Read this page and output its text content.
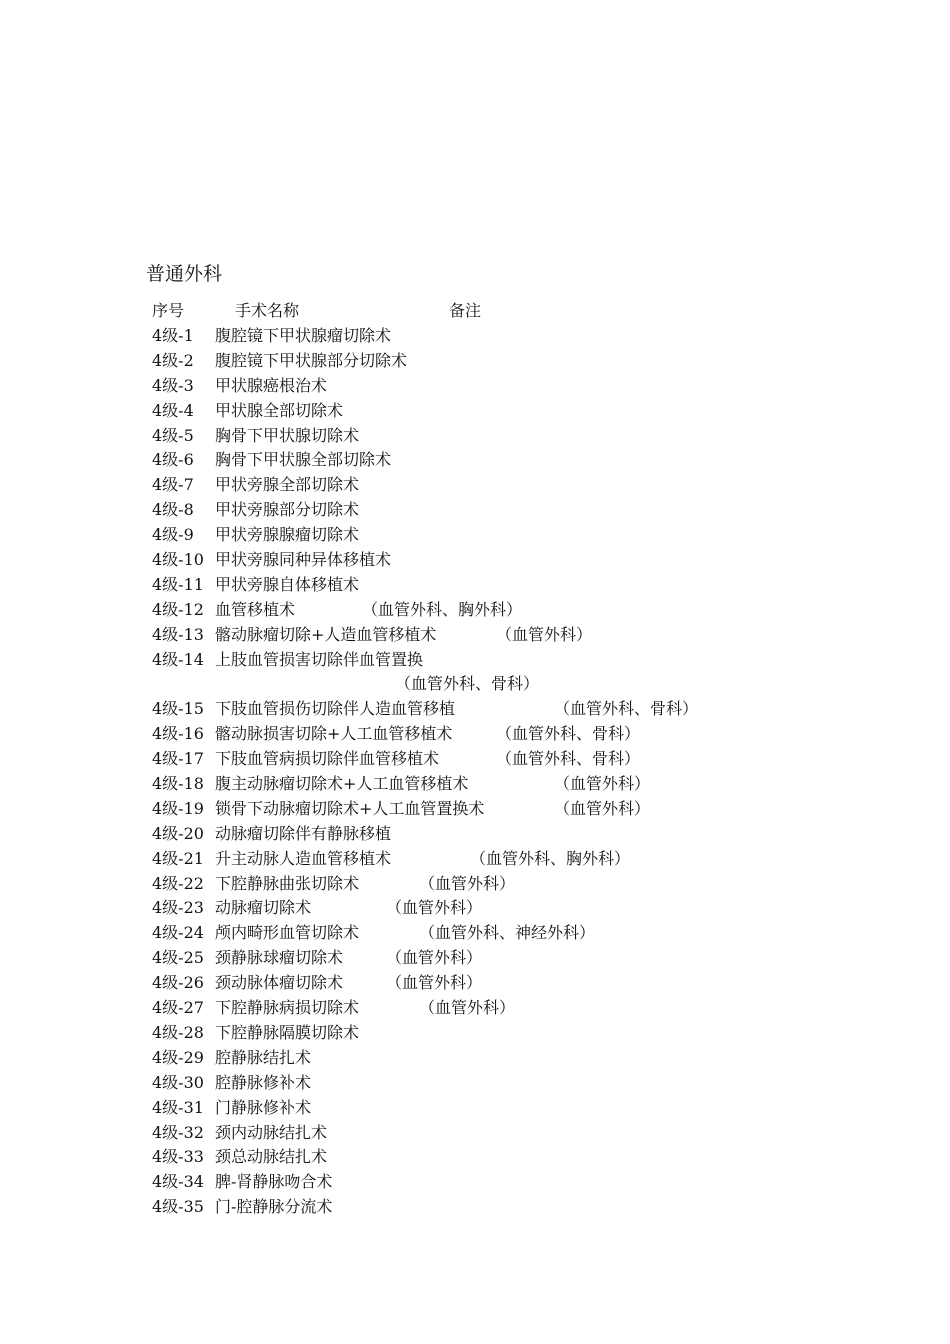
普通外科
序号	手术名称	备注
4级-1 腹腔镜下甲状腺瘤切除术
4级-2 腹腔镜下甲状腺部分切除术
4级-3 甲状腺癌根治术
4级-4 甲状腺全部切除术
4级-5 胸骨下甲状腺切除术
4级-6 胸骨下甲状腺全部切除术
4级-7 甲状旁腺全部切除术
4级-8 甲状旁腺部分切除术
4级-9 甲状旁腺腺瘤切除术
4级-10 甲状旁腺同种异体移植术
4级-11 甲状旁腺自体移植术
4级-12 血管移植术	（血管外科、胸外科）
4级-13 髂动脉瘤切除+人造血管移植术	（血管外科）
4级-14 上肢血管损害切除伴血管置换
（血管外科、骨科）
4级-15 下肢血管损伤切除伴人造血管移植	（血管外科、骨科）
4级-16 髂动脉损害切除+人工血管移植术	（血管外科、骨科）
4级-17 下肢血管病损切除伴血管移植术	（血管外科、骨科）
4级-18 腹主动脉瘤切除术+人工血管移植术	（血管外科）
4级-19 锁骨下动脉瘤切除术+人工血管置换术	（血管外科）
4级-20 动脉瘤切除伴有静脉移植
4级-21 升主动脉人造血管移植术	（血管外科、胸外科）
4级-22 下腔静脉曲张切除术	（血管外科）
4级-23 动脉瘤切除术	（血管外科）
4级-24 颅内畸形血管切除术	（血管外科、神经外科）
4级-25 颈静脉球瘤切除术	（血管外科）
4级-26 颈动脉体瘤切除术	（血管外科）
4级-27 下腔静脉病损切除术	（血管外科）
4级-28 下腔静脉隔膜切除术
4级-29 腔静脉结扎术
4级-30 腔静脉修补术
4级-31 门静脉修补术
4级-32 颈内动脉结扎术
4级-33 颈总动脉结扎术
4级-34 脾-肾静脉吻合术
4级-35 门-腔静脉分流术
